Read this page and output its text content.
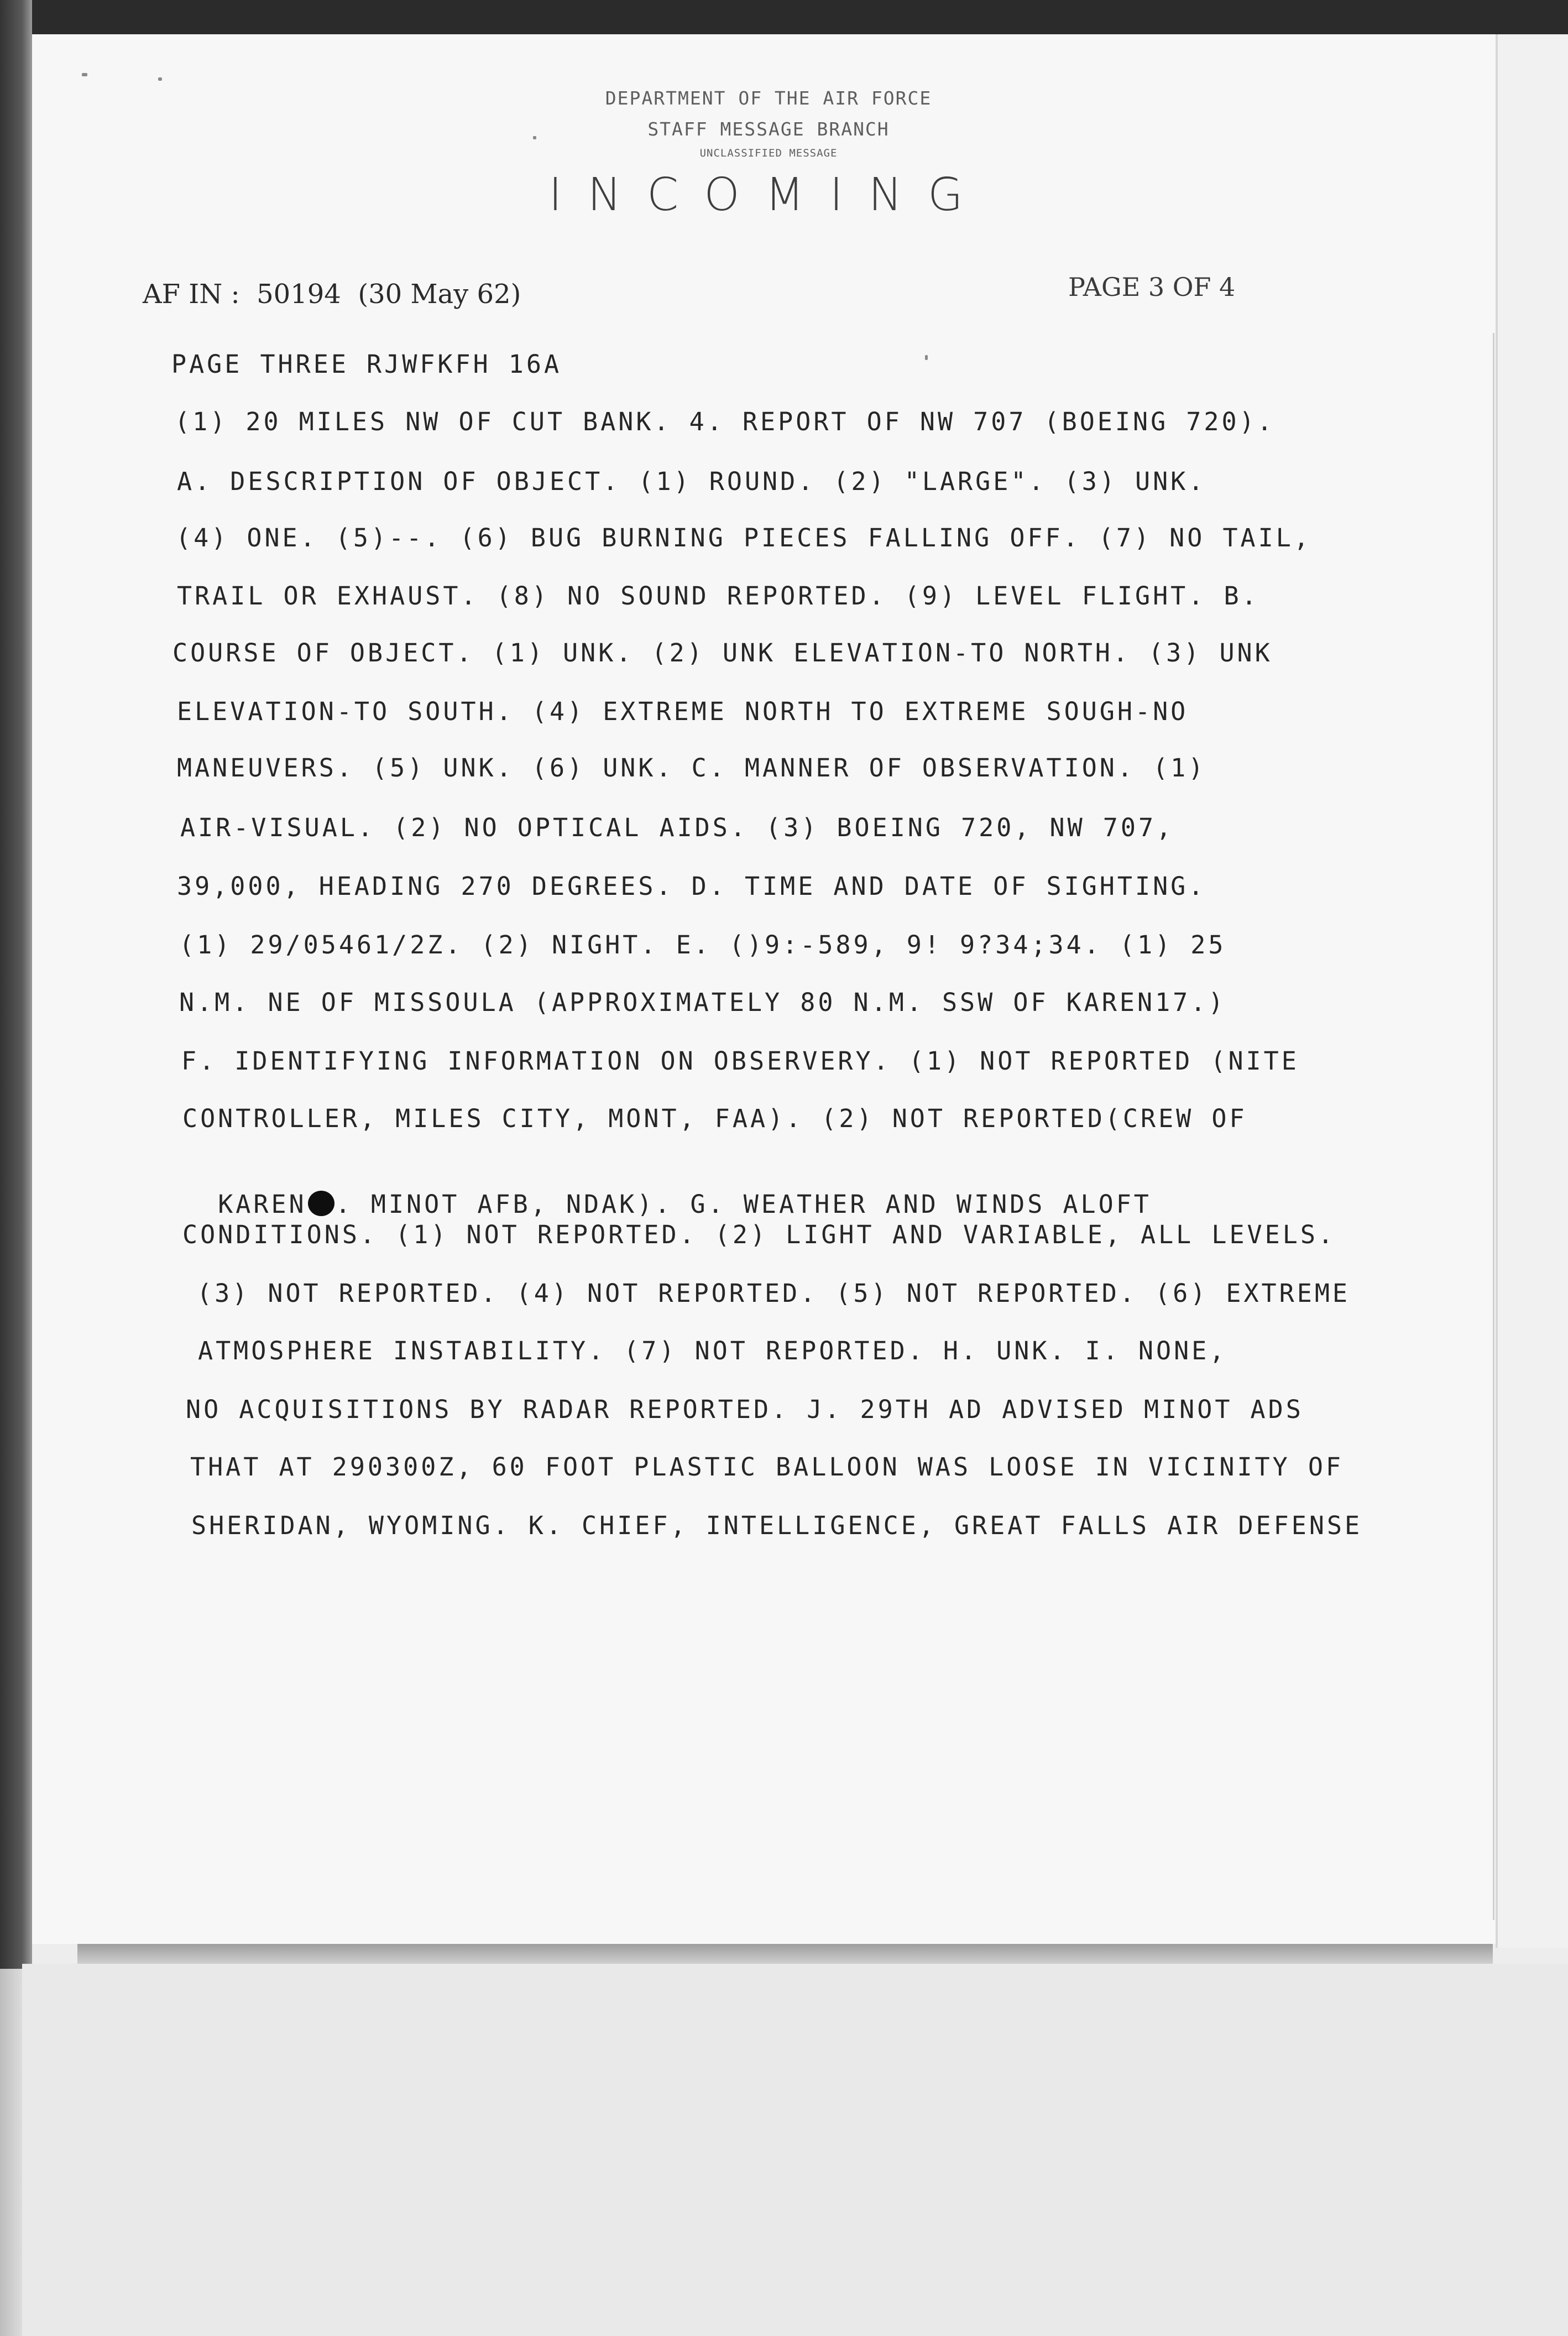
DEPARTMENT OF THE AIR FORCE
STAFF MESSAGE BRANCH
UNCLASSIFIED MESSAGE
INCOMING
AF IN :  50194  (30 May 62)	PAGE 3 OF 4
PAGE THREE RJWFKFH 16A
(1) 20 MILES NW OF CUT BANK. 4. REPORT OF NW 707 (BOEING 720).
A. DESCRIPTION OF OBJECT. (1) ROUND. (2) "LARGE". (3) UNK.
(4) ONE. (5)--. (6) BUG BURNING PIECES FALLING OFF. (7) NO TAIL,
TRAIL OR EXHAUST. (8) NO SOUND REPORTED. (9) LEVEL FLIGHT. B.
COURSE OF OBJECT. (1) UNK. (2) UNK ELEVATION-TO NORTH. (3) UNK
ELEVATION-TO SOUTH. (4) EXTREME NORTH TO EXTREME SOUGH-NO
MANEUVERS. (5) UNK. (6) UNK. C. MANNER OF OBSERVATION. (1)
AIR-VISUAL. (2) NO OPTICAL AIDS. (3) BOEING 720, NW 707,
39,000, HEADING 270 DEGREES. D. TIME AND DATE OF SIGHTING.
(1) 29/05461/2Z. (2) NIGHT. E. ()9:-589, 9! 9?34;34. (1) 25
N.M. NE OF MISSOULA (APPROXIMATELY 80 N.M. SSW OF KAREN17.)
F. IDENTIFYING INFORMATION ON OBSERVERY. (1) NOT REPORTED (NITE
CONTROLLER, MILES CITY, MONT, FAA). (2) NOT REPORTED(CREW OF

KAREN . MINOT AFB, NDAK). G. WEATHER AND WINDS ALOFT

CONDITIONS. (1) NOT REPORTED. (2) LIGHT AND VARIABLE, ALL LEVELS.
(3) NOT REPORTED. (4) NOT REPORTED. (5) NOT REPORTED. (6) EXTREME
ATMOSPHERE INSTABILITY. (7) NOT REPORTED. H. UNK. I. NONE,
NO ACQUISITIONS BY RADAR REPORTED. J. 29TH AD ADVISED MINOT ADS
THAT AT 290300Z, 60 FOOT PLASTIC BALLOON WAS LOOSE IN VICINITY OF
SHERIDAN, WYOMING. K. CHIEF, INTELLIGENCE, GREAT FALLS AIR DEFENSE
